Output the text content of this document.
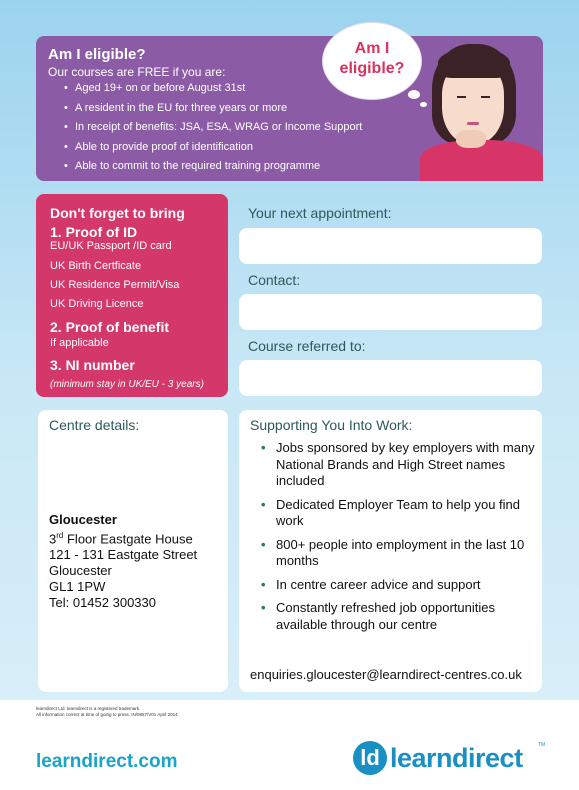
Am I eligible?
Our courses are FREE if you are:
• Aged 19+ on or before August 31st
• A resident in the EU for three years or more
• In receipt of benefits: JSA, ESA, WRAG or Income Support
• Able to provide proof of identification
• Able to commit to the required training programme
Am I
eligible?
Don't forget to bring
1. Proof of ID
EU/UK Passport /ID card
UK Birth Certficate
UK Residence Permit/Visa
UK Driving Licence
2. Proof of benefit
If applicable
3. NI number
(minimum stay in UK/EU - 3 years)
Your next appointment:
Contact:
Course referred to:
Centre details:
Gloucester
3rd Floor Eastgate House
121 - 131 Eastgate Street
Gloucester
GL1 1PW
Tel: 01452 300330
Supporting You Into Work:
• Jobs sponsored by key employers with many National Brands and High Street names included
• Dedicated Employer Team to help you find work
• 800+ people into employment in the last 10 months
• In centre career advice and support
• Constantly refreshed job opportunities available through our centre
enquiries.gloucester@learndirect-centres.co.uk
learndirect Ltd. learndirect is a registered trademark.
All information correct at time of going to press. IN/0857/V01 April 2014
learndirect.com	ld learndirect	TM
